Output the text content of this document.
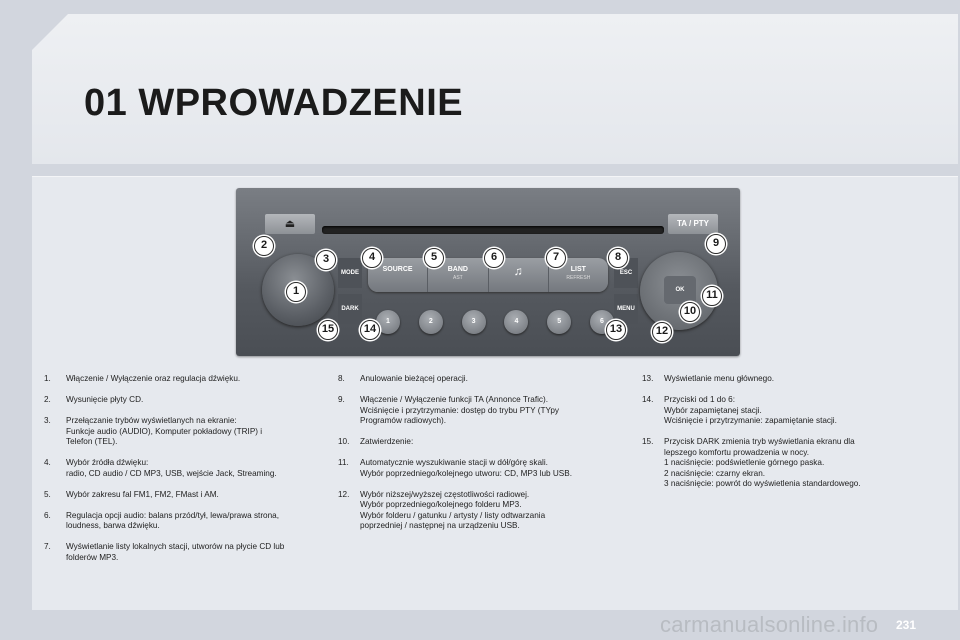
01 WPROWADZENIE
⏏	TA / PTY
MODE
DARK
SOURCE	BAND
AST	♫	LIST
REFRESH
ESC
MENU
OK
1	2	3	4	5	6
1
2
3	4	5	6	7	8
9
10
11
12
13
14
15
1.	Włączenie / Wyłączenie oraz regulacja dźwięku.
2.	Wysunięcie płyty CD.
3.	Przełączanie trybów wyświetlanych na ekranie:
Funkcje audio (AUDIO), Komputer pokładowy (TRIP) i
Telefon (TEL).
4.	Wybór źródła dźwięku:
radio, CD audio / CD MP3, USB, wejście Jack, Streaming.
5.	Wybór zakresu fal FM1, FM2, FMast i AM.
6.	Regulacja opcji audio: balans przód/tył, lewa/prawa strona,
loudness, barwa dźwięku.
7.	Wyświetlanie listy lokalnych stacji, utworów na płycie CD lub
folderów MP3.
8.	Anulowanie bieżącej operacji.
9.	Włączenie / Wyłączenie funkcji TA (Annonce Trafic).
Wciśnięcie i przytrzymanie: dostęp do trybu PTY (TYpy
Programów radiowych).
10.	Zatwierdzenie:
11.	Automatycznie wyszukiwanie stacji w dół/górę skali.
Wybór poprzedniego/kolejnego utworu: CD, MP3 lub USB.
12.	Wybór niższej/wyższej częstotliwości radiowej.
Wybór poprzedniego/kolejnego folderu MP3.
Wybór folderu / gatunku / artysty / listy odtwarzania
poprzedniej / następnej na urządzeniu USB.
13.	Wyświetlanie menu głównego.
14.	Przyciski od 1 do 6:
Wybór zapamiętanej stacji.
Wciśnięcie i przytrzymanie: zapamiętanie stacji.
15.	Przycisk DARK zmienia tryb wyświetlania ekranu dla
lepszego komfortu prowadzenia w nocy.
1 naciśnięcie: podświetlenie górnego paska.
2 naciśnięcie: czarny ekran.
3 naciśnięcie: powrót do wyświetlenia standardowego.
carmanualsonline.info 231
